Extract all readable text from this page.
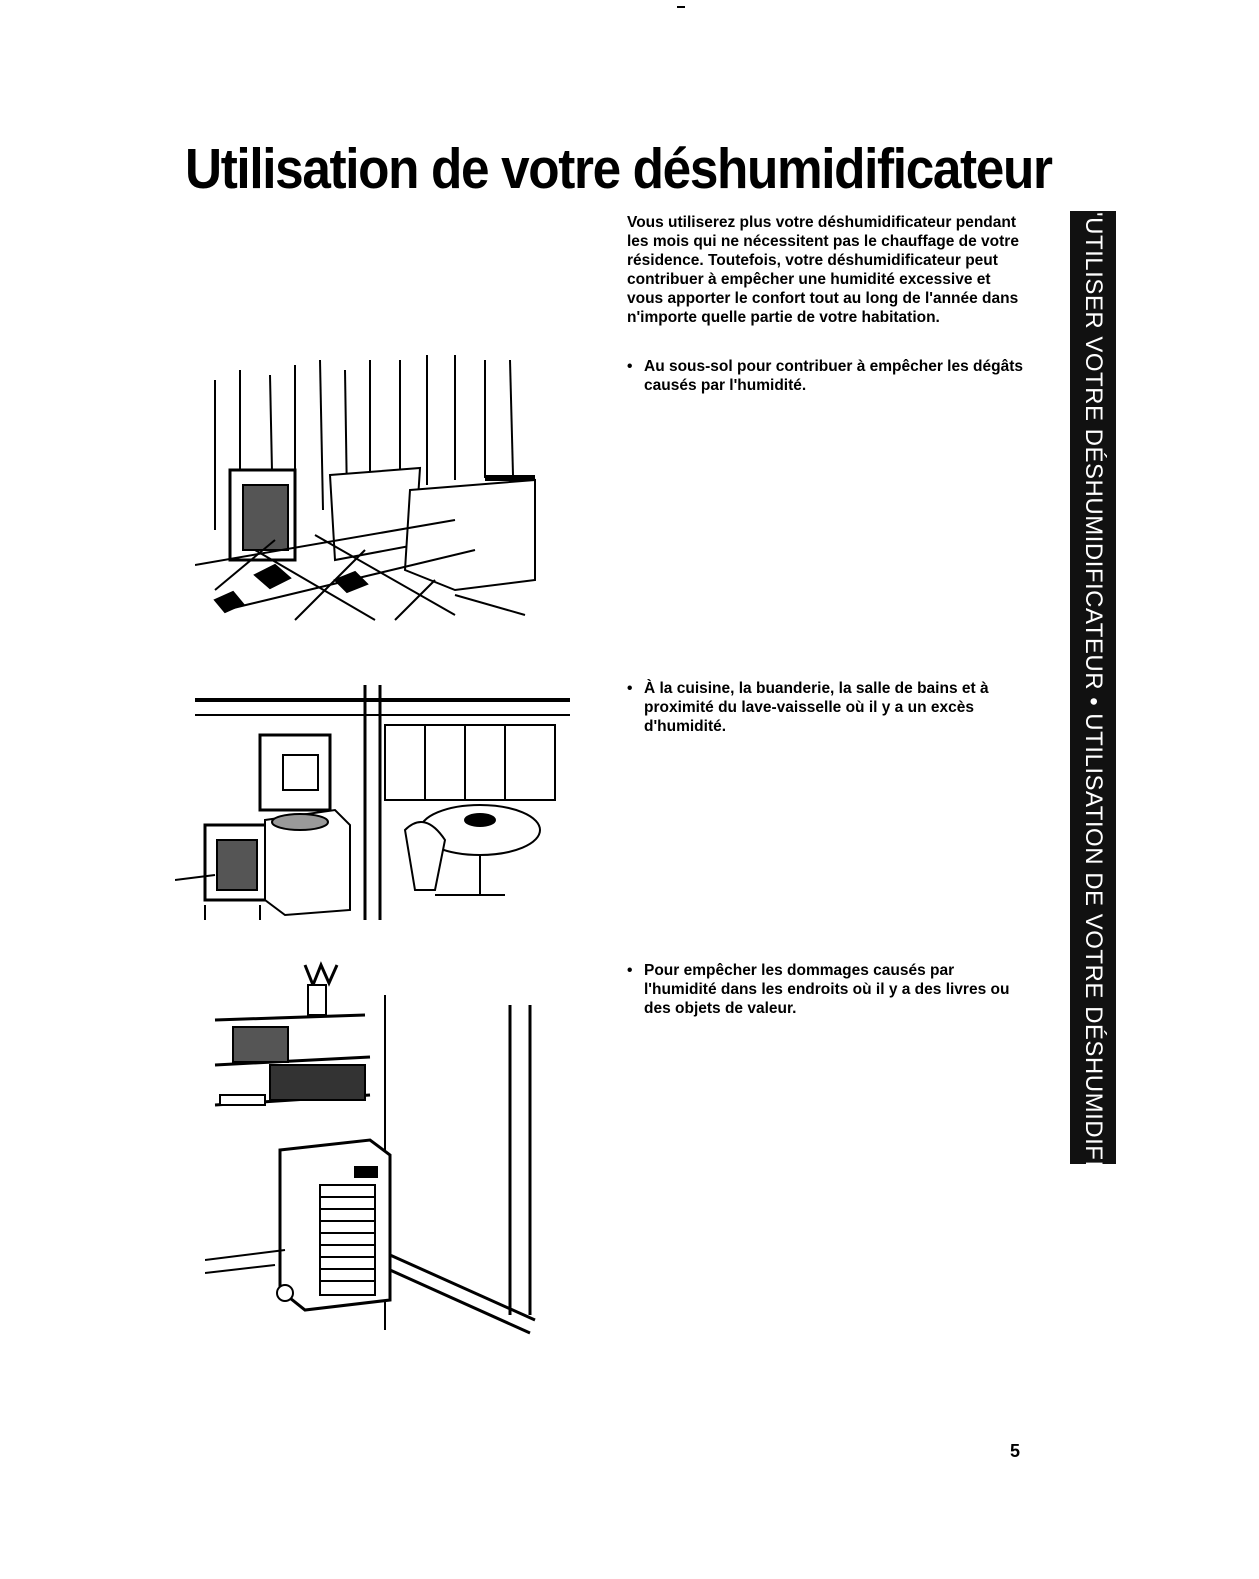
Utilisation de votre déshumidificateur

Vous utiliserez plus votre déshumidificateur pendant les mois qui ne nécessitent pas le chauffage de votre résidence. Toutefois, votre déshumidificateur peut contribuer à empêcher une humidité excessive et vous apporter le confort tout au long de l'année dans n'importe quelle partie de votre habitation.

• Au sous-sol pour contribuer à empêcher les dégâts causés par l'humidité.

• À la cuisine, la buanderie, la salle de bains et à proximité du lave-vaisselle où il y a un excès d'humidité.

• Pour empêcher les dommages causés par l'humidité dans les endroits où il y a des livres ou des objets de valeur.	AVANT D'UTILISER VOTRE DÉSHUMIDIFICATEUR • UTILISATION DE VOTRE DÉSHUMIDIFICATEUR
5
